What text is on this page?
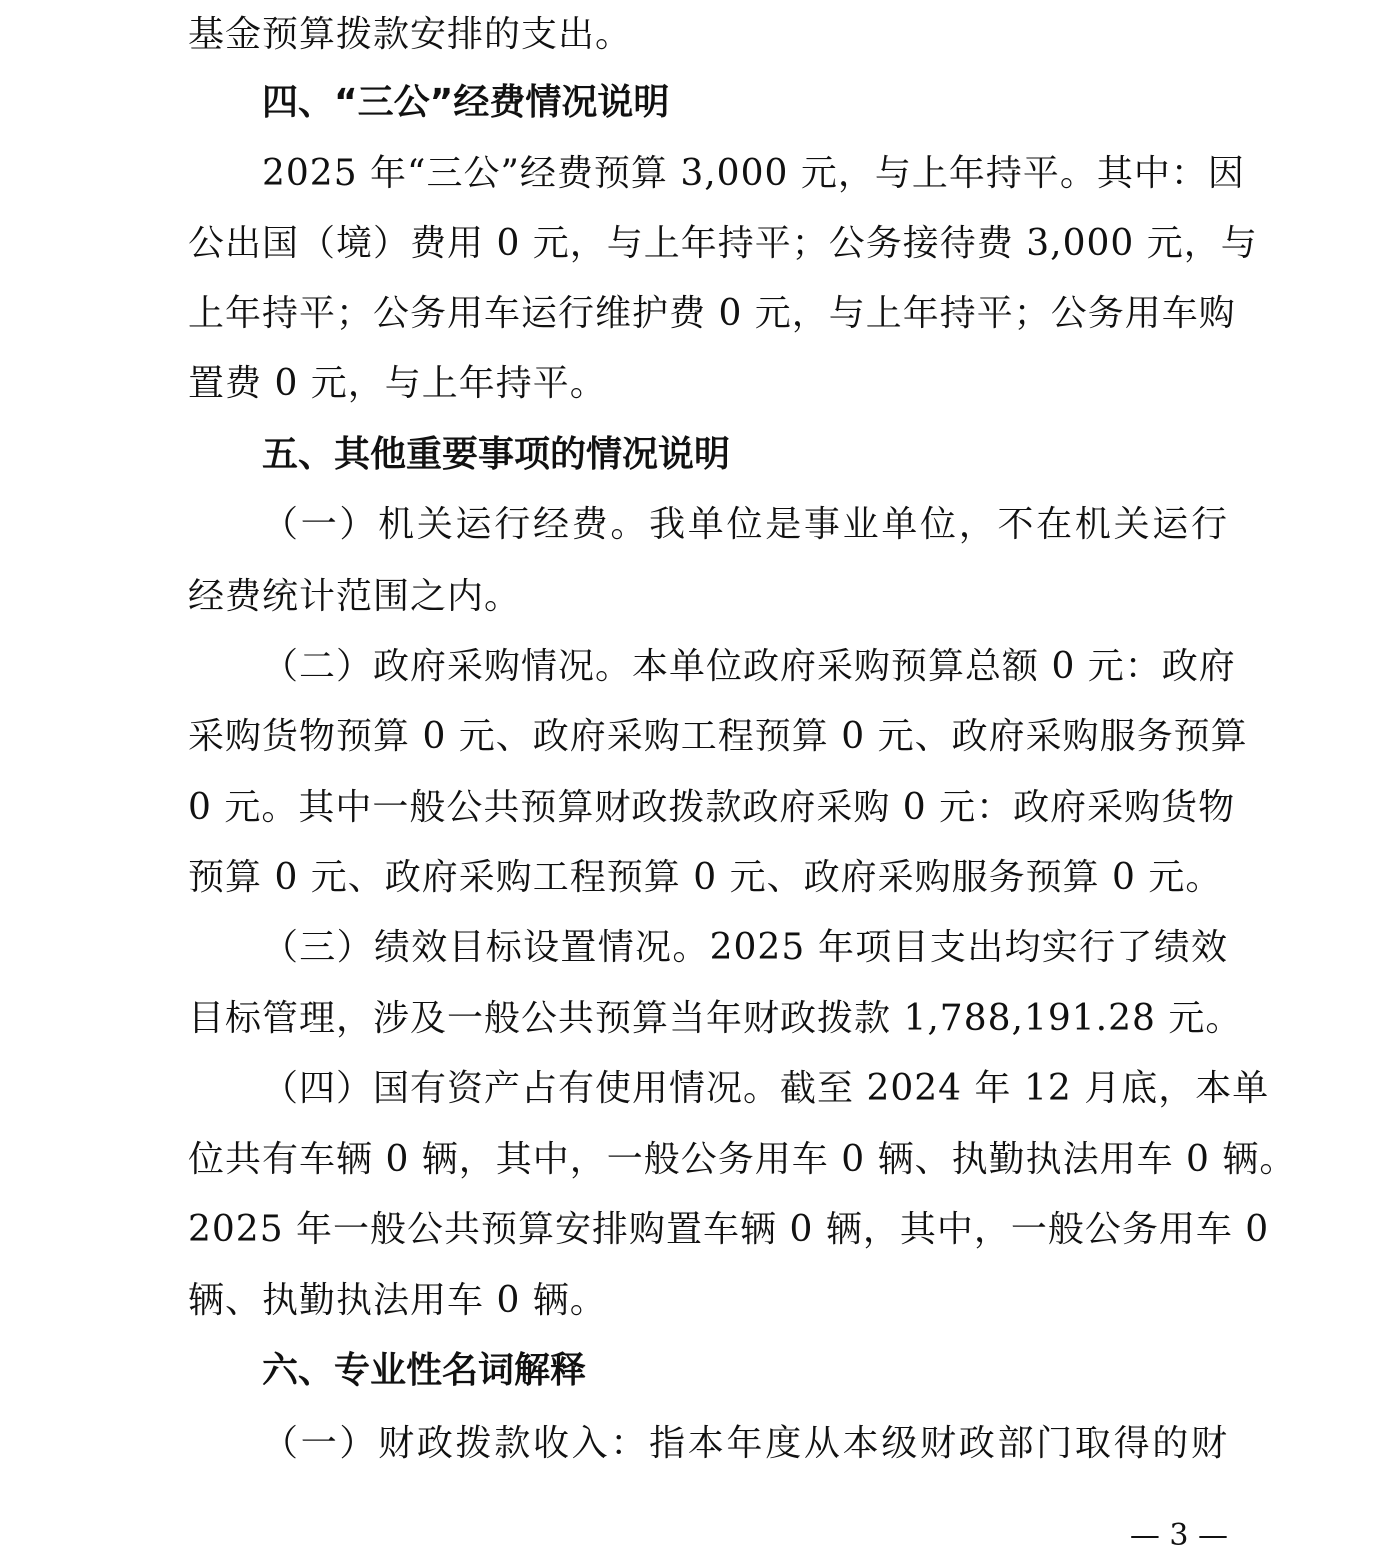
基金预算拨款安排的支出。
四、“三公”经费情况说明
2025 年“三公”经费预算 3,000 元，与上年持平。其中：因
公出国（境）费用 0 元，与上年持平；公务接待费 3,000 元，与
上年持平；公务用车运行维护费 0 元，与上年持平；公务用车购
置费 0 元，与上年持平。
五、其他重要事项的情况说明
（一）机关运行经费。我单位是事业单位，不在机关运行
经费统计范围之内。
（二）政府采购情况。本单位政府采购预算总额 0 元：政府
采购货物预算 0 元、政府采购工程预算 0 元、政府采购服务预算
0 元。其中一般公共预算财政拨款政府采购 0 元：政府采购货物
预算 0 元、政府采购工程预算 0 元、政府采购服务预算 0 元。
（三）绩效目标设置情况。2025 年项目支出均实行了绩效
目标管理，涉及一般公共预算当年财政拨款 1,788,191.28 元。
（四）国有资产占有使用情况。截至 2024 年 12 月底，本单
位共有车辆 0 辆，其中，一般公务用车 0 辆、执勤执法用车 0 辆。
2025 年一般公共预算安排购置车辆 0 辆，其中，一般公务用车 0
辆、执勤执法用车 0 辆。
六、专业性名词解释
（一）财政拨款收入：指本年度从本级财政部门取得的财
— 3 —
